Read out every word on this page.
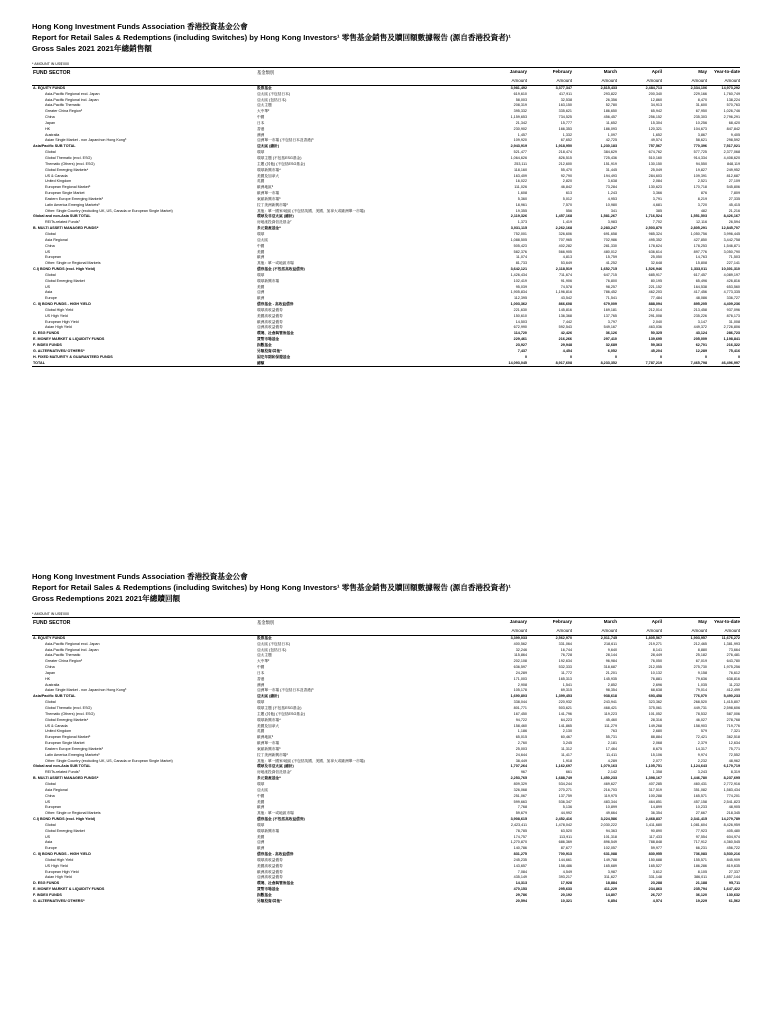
Hong Kong Investment Funds Association 香港投資基金公會
Report for Retail Sales & Redemptions (including Switches) by Hong Kong Investors¹ 零售基金銷售及贖回額數據報告 (源自香港投資者)¹
Gross Sales 2021 2021年總銷售額
* AMOUNT IN US$'000
FUND SECTOR	基金類別	January	February	March	April	May	Year-to-date
Amount	Amount	Amount	Amount	Amount	Amount
A. EQUITY FUNDS	股票基金	3,981,492	3,377,347	2,815,433	2,484,713	2,334,106	14,973,292
Asia-Pacific Regional excl. Japan	亞太區 (不包括日本)	619,610	417,911	293,822	200,340	229,166	1,760,749
Asia-Pacific Regional incl. Japan	亞太區 (包括日本)	58,003	32,538	26,356	12,860	8,470	138,224
Asia-Pacific Thematic	亞太主題	208,319	163,150	52,780	34,913	31,600	570,763
Greater China Region²	大中華²	395,332	335,621	186,650	65,942	67,950	1,026,746
China	中國	1,159,653	734,525	456,457	256,152	235,303	2,796,291
Japan	日本	21,342	15,777	11,652	15,304	10,256	68,420
HK	香港	230,902	166,353	186,093	120,321	104,673	847,842
Australia	澳洲	1,457	1,332	1,097	1,652	3,867	9,405
Asian Single Market - non Japan/non Hong Kong³	亞洲單一市場 (不包括日本及香港)³	109,920	67,652	42,725	49,574	58,621	298,592
Asia/Pacific SUB TOTAL	亞太區 (總計)	2,943,919	1,918,950	1,230,183	757,567	770,396	7,517,021
Global	環球	521,477	218,474	384,629	674,762	577,725	2,377,068
Global Thematic (excl. ESG)	環球主題 (不包括ESG基金)	1,064,626	826,515	725,436	510,160	914,334	4,408,620
Thematic (Others) (excl. ESG)	主題 (其他) (不包括ESG基金)	253,111	212,600	151,919	130,150	94,550	848,119
Global Emerging Markets⁴	環球新興市場⁴	118,160	55,470	31,445	25,049	19,827	249,952
US & Canada	美國及加拿大	163,409	92,790	194,493	284,603	109,391	812,687
United Kingdom	英國	16,022	2,820	3,638	2,084	2,521	27,109
European Regional Market⁵	歐洲地區⁵	111,026	46,842	73,284	130,623	170,718	545,806
European Single Market	歐洲單一市場	1,608	613	1,243	3,366	876	7,809
Eastern Europe Emerging Markets⁶	東歐新興市場⁶	5,360	5,012	4,953	3,791	8,219	27,335
Latin America Emerging Markets⁶	拉丁美洲新興市場⁶	18,961	7,570	10,980	4,681	3,720	45,415
Other: Single Country (excluding UK, US, Canada or European Single Market)	其他：單一國家/地區 (不包括英國、美國、加拿大或歐洲單一市場)	19,355	556	341	385	482	21,216
Global and non-Asia SUB TOTAL	環球及非亞太區 (總計)	2,119,326	1,457,168	1,581,267	1,716,524	1,551,503	8,426,167
REITs-related Funds⁷	房地產投資信託基金⁷	1,373	1,419	3,983	7,702	12,116	26,594
B. MULTI ASSET/ MANAGED FUNDS⁸	多元資產基金⁸	3,031,115	2,262,168	2,283,247	2,503,870	2,805,291	12,845,707
Global	環球	752,001	326,606	691,658	985,324	1,050,756	3,996,445
Asia Regional	亞太區	1,088,505	707,965	702,986	495,352	427,850	3,442,758
China	中國	505,423	402,282	281,330	178,624	178,253	1,546,871
US	美國	582,376	566,905	480,012	636,614	897,776	3,050,790
European	歐洲	11,074	4,813	15,759	25,050	14,763	71,503
Other: Single or Regional Markets	其他：單一或地區市場	81,733	53,649	41,252	32,648	15,808	227,141
C.I) BOND FUNDS (excl. High Yield)	債券基金 (不包括高收益債券)	3,642,121	2,118,519	1,652,715	1,526,946	1,333,011	10,301,310
Global	環球	1,426,434	711,674	647,715	685,917	617,457	4,089,197
Global Emerging Market	環球新興市場	102,419	91,906	76,800	80,195	65,496	426,816
US	美國	95,039	74,578	98,257	221,152	164,538	653,560
Asia	亞洲	1,905,834	1,196,816	786,452	462,203	417,456	4,773,335
Europe	歐洲	112,395	43,542	71,541	77,484	48,086	336,727
C. II) BOND FUNDS - HIGH YIELD	債券基金 - 高收益債券	1,003,362	866,608	679,009	888,094	895,205	4,409,236
Global High Yield	環球高收益債券	221,630	145,816	169,181	212,014	213,458	937,096
US High Yield	美國高收益債券	150,610	136,368	137,765	291,008	235,226	876,173
European High Yield	歐洲高收益債券	14,503	7,442	3,797	2,040	3,147	31,008
Asian High Yield	亞洲高收益債券	672,990	592,543	549,167	463,036	449,372	2,726,806
D. ESG FUNDS	環境、社會與管治基金	114,720	42,426	36,126	50,325	43,124	286,723
E. MONEY MARKET & LIQUIDITY FUNDS	貨幣市場基金	229,461	216,266	297,410	139,695	205,009	1,198,841
F. INDEX FUNDS	指數基金	23,927	29,948	32,689	59,363	62,701	216,322
G. ALTERNATIVES/ OTHERS⁹	另類投資/其他⁹	7,437	4,454	6,052	45,204	12,289	75,416
H. FIXED MATURITY & GUARANTEED FUNDS	固定年期和保證基金	0	0	0	0	0	0
TOTAL	總額	14,093,045	8,917,608	8,233,352	7,787,219	7,465,798	46,496,997
Hong Kong Investment Funds Association 香港投資基金公會
Report for Retail Sales & Redemptions (including Switches) by Hong Kong Investors¹ 零售基金銷售及贖回額數據報告 (源自香港投資者)¹
Gross Redemptions 2021 2021年總贖回額
* AMOUNT IN US$'000
FUND SECTOR	基金類別	January	February	March	April	May	Year-to-date
Amount	Amount	Amount	Amount	Amount	Amount
A. EQUITY FUNDS	股票基金	3,399,033	2,562,970	2,011,745	1,805,567	1,903,957	11,676,272
Asia-Pacific Regional excl. Japan	亞太區 (不包括日本)	400,562	331,064	218,611	219,271	212,465	1,381,993
Asia-Pacific Regional incl. Japan	亞太區 (包括日本)	32,246	16,744	9,640	8,141	8,880	73,664
Asia-Pacific Thematic	亞太主題	115,864	76,728	28,144	28,449	25,182	276,481
Greater China Region²	大中華²	202,108	192,634	96,984	76,050	67,019	643,780
China	中國	636,597	532,333	318,687	212,055	275,730	1,975,256
Japan	日本	24,289	11,772	21,201	10,132	9,158	76,612
HK	香港	171,003	165,313	145,935	76,881	79,636	638,816
Australia	澳洲	2,908	1,541	2,852	2,696	1,035	11,232
Asian Single Market - non Japan/non Hong Kong³	亞洲單一市場 (不包括日本及香港)³	105,178	69,315	98,354	68,638	79,014	412,499
Asia/Pacific SUB TOTAL	亞太區 (總計)	1,690,803	1,399,453	938,618	693,458	776,070	5,490,233
Global	環球	338,044	220,932	243,941	323,362	268,520	1,415,807
Global Thematic (excl. ESG)	環球主題 (不包括ESG基金)	801,771	503,621	468,421	375,061	449,731	2,598,606
Thematic (Others) (excl. ESG)	主題 (其他) (不包括ESG基金)	167,450	141,796	119,223	101,052	78,532	587,006
Global Emerging Markets⁴	環球新興市場⁴	94,722	64,223	45,460	28,316	46,027	278,768
US & Canada	美國及加拿大	158,460	141,865	111,279	149,268	158,903	719,776
United Kingdom	英國	1,186	2,130	763	2,680	579	7,321
European Regional Market⁵	歐洲地區⁵	65,015	60,467	55,731	88,884	72,421	362,518
European Single Market	歐洲單一市場	2,760	3,245	2,181	2,068	2,379	12,634
Eastern Europe Emerging Markets⁶	東歐新興市場⁶	25,003	11,312	17,464	8,675	14,317	75,771
Latin America Emerging Markets⁶	拉丁美洲新興市場⁶	24,644	11,417	11,411	15,106	9,974	72,552
Other: Single Country (excluding UK, US, Canada or European Single Market)	其他：單一國家/地區 (不包括英國、美國、加拿大或歐洲單一市場)	38,449	1,918	4,289	2,077	2,232	48,962
Global and non-Asia SUB TOTAL	環球及非亞太區 (總計)	1,707,264	1,162,697	1,079,163	1,105,751	1,124,643	6,179,719
REITs-related Funds⁷	房地產投資信託基金⁷	967	661	2,142	1,358	3,243	8,319
B. MULTI ASSET/ MANAGED FUNDS⁸	多元資產基金⁸	2,253,765	1,688,749	1,450,233	1,398,167	1,446,780	8,237,695
Global	環球	809,329	534,244	469,627	407,285	460,431	2,772,916
Asia Regional	亞太區	326,068	270,271	216,703	317,519	351,082	1,583,434
China	中國	251,067	137,759	119,975	100,288	165,571	774,201
US	美國	599,663	536,347	483,344	464,851	457,158	2,541,823
European	歐洲	7,768	5,136	10,899	14,899	10,233	48,905
Other: Single or Regional Markets	其他：單一或地區市場	59,679	44,992	49,664	36,354	27,667	218,345
C.I) BOND FUNDS (excl. High Yield)	債券基金 (不包括高收益債券)	3,908,615	2,452,416	3,224,586	2,468,837	2,341,415	14,279,789
Global	環球	2,423,411	1,478,042	2,030,222	1,411,680	1,081,604	8,426,959
Global Emerging Market	環球新興市場	78,785	63,520	94,363	90,890	77,923	405,480
US	美國	174,757	113,911	101,318	117,433	97,554	604,974
Asia	亞洲	1,270,870	686,369	896,549	788,848	717,912	4,360,545
Europe	歐洲	140,786	87,677	102,057	59,977	66,231	456,722
C. II) BOND FUNDS - HIGH YIELD	債券基金 - 高收益債券	831,275	700,913	631,088	830,955	736,083	3,530,216
Global High Yield	環球高收益債券	245,235	144,661	149,788	150,688	155,571	845,909
US High Yield	美國高收益債券	143,657	158,486	165,689	165,527	186,286	819,635
European High Yield	歐洲高收益債券	7,084	4,549	3,987	3,612	8,105	27,337
Asian High Yield	亞洲高收益債券	435,149	393,217	311,627	331,148	386,011	1,857,144
D. ESG FUNDS	環境、社會與管治基金	14,313	17,928	18,884	23,288	21,188	95,711
E. MONEY MARKET & LIQUIDITY FUNDS	貨幣市場基金	470,153	295,633	411,229	234,863	235,794	1,647,422
F. INDEX FUNDS	指數基金	29,786	20,192	14,807	26,727	36,120	130,632
G. ALTERNATIVES/ OTHERS⁹	另類投資/其他⁹	20,594	10,321	6,854	4,574	19,229	61,562
